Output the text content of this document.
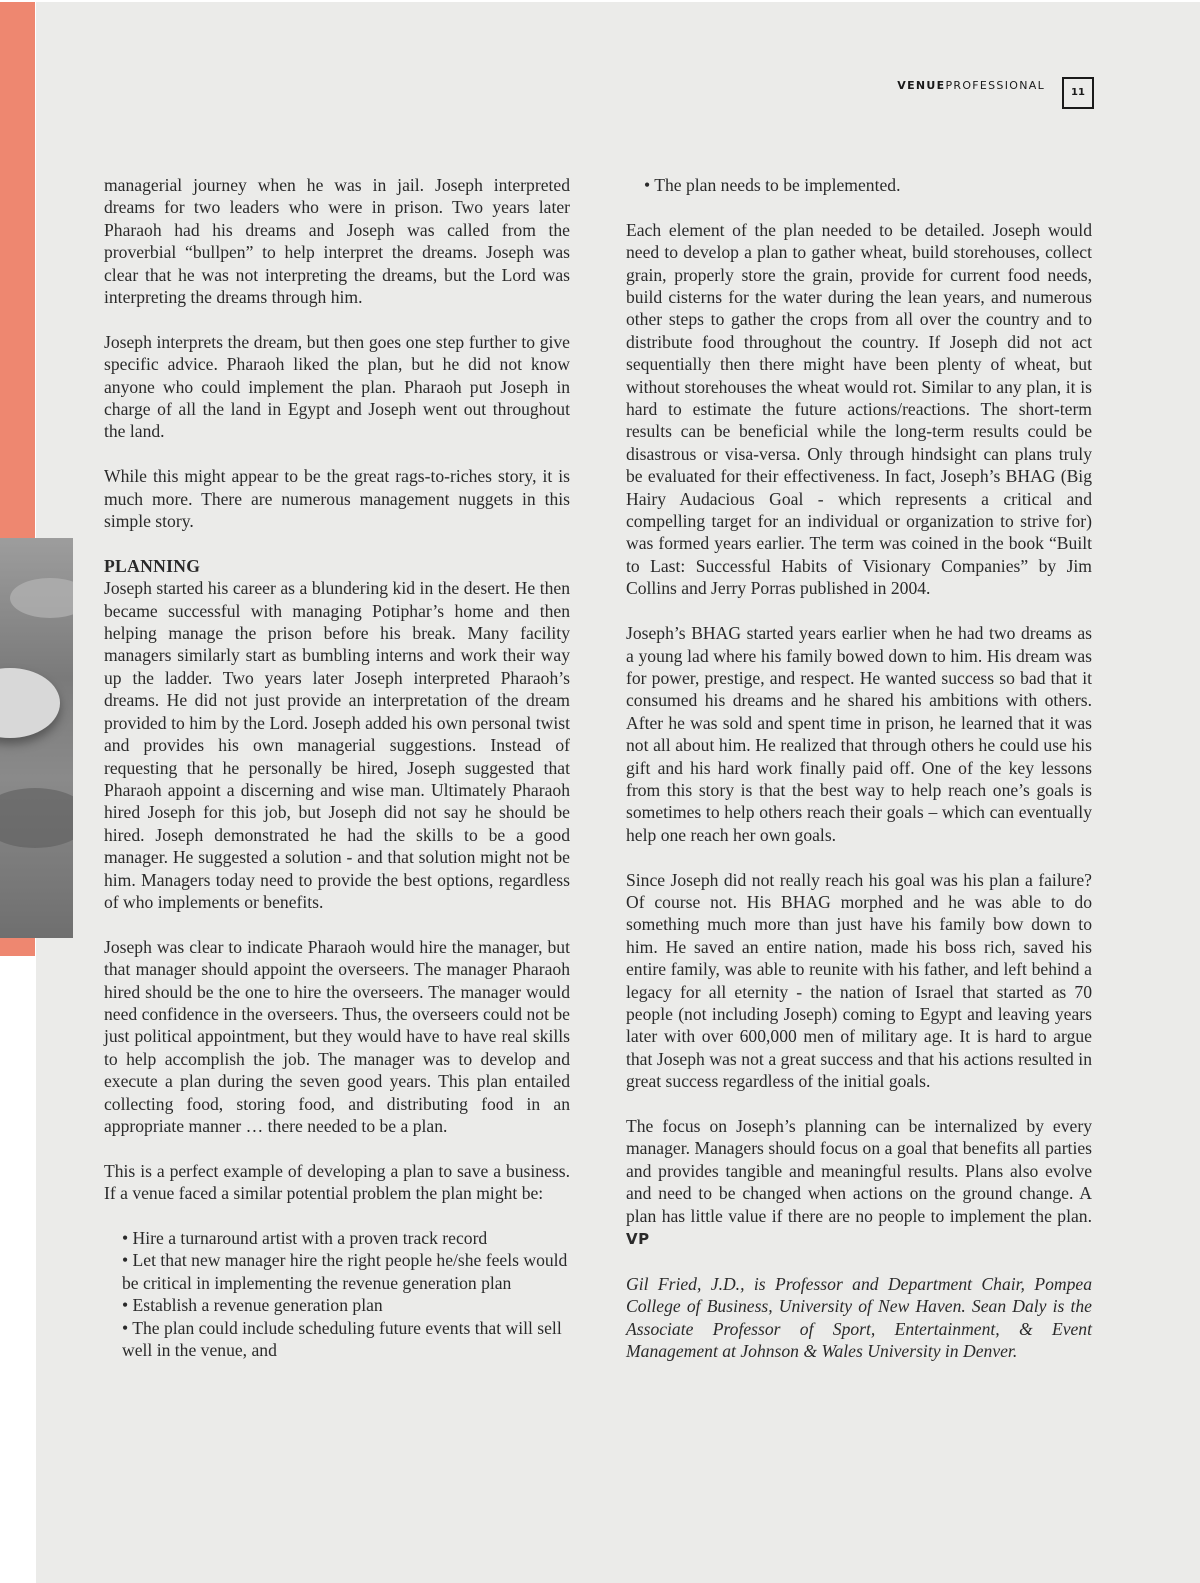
VENUEPROFESSIONAL
11

managerial journey when he was in jail. Joseph interpreted dreams for two leaders who were in prison. Two years later Pharaoh had his dreams and Joseph was called from the proverbial “bullpen” to help interpret the dreams. Joseph was clear that he was not interpreting the dreams, but the Lord was interpreting the dreams through him.

Joseph interprets the dream, but then goes one step further to give specific advice. Pharaoh liked the plan, but he did not know anyone who could implement the plan. Pharaoh put Joseph in charge of all the land in Egypt and Joseph went out throughout the land.

While this might appear to be the great rags-to-riches story, it is much more. There are numerous management nuggets in this simple story.

PLANNING

Joseph started his career as a blundering kid in the desert. He then became successful with managing Potiphar’s home and then helping manage the prison before his break. Many facility managers similarly start as bumbling interns and work their way up the ladder. Two years later Joseph interpreted Pharaoh’s dreams. He did not just provide an interpretation of the dream provided to him by the Lord. Joseph added his own personal twist and provides his own managerial suggestions. Instead of requesting that he personally be hired, Joseph suggested that Pharaoh appoint a discerning and wise man. Ultimately Pharaoh hired Joseph for this job, but Joseph did not say he should be hired. Joseph demonstrated he had the skills to be a good manager. He suggested a solution - and that solution might not be him. Managers today need to provide the best options, regardless of who implements or benefits.

Joseph was clear to indicate Pharaoh would hire the manager, but that manager should appoint the overseers. The manager Pharaoh hired should be the one to hire the overseers. The manager would need confidence in the overseers. Thus, the overseers could not be just political appointment, but they would have to have real skills to help accomplish the job. The manager was to develop and execute a plan during the seven good years. This plan entailed collecting food, storing food, and distributing food in an appropriate manner … there needed to be a plan.

This is a perfect example of developing a plan to save a business. If a venue faced a similar potential problem the plan might be:

• Hire a turnaround artist with a proven track record
• Let that new manager hire the right people he/she feels would be critical in implementing the revenue generation plan
• Establish a revenue generation plan
• The plan could include scheduling future events that will sell well in the venue, and
• The plan needs to be implemented.

Each element of the plan needed to be detailed. Joseph would need to develop a plan to gather wheat, build storehouses, collect grain, properly store the grain, provide for current food needs, build cisterns for the water during the lean years, and numerous other steps to gather the crops from all over the country and to distribute food throughout the country. If Joseph did not act sequentially then there might have been plenty of wheat, but without storehouses the wheat would rot. Similar to any plan, it is hard to estimate the future actions/reactions. The short-term results can be beneficial while the long-term results could be disastrous or visa-versa. Only through hindsight can plans truly be evaluated for their effectiveness. In fact, Joseph’s BHAG (Big Hairy Audacious Goal - which represents a critical and compelling target for an individual or organization to strive for) was formed years earlier. The term was coined in the book “Built to Last: Successful Habits of Visionary Companies” by Jim Collins and Jerry Porras published in 2004.

Joseph’s BHAG started years earlier when he had two dreams as a young lad where his family bowed down to him. His dream was for power, prestige, and respect. He wanted success so bad that it consumed his dreams and he shared his ambitions with others. After he was sold and spent time in prison, he learned that it was not all about him. He realized that through others he could use his gift and his hard work finally paid off. One of the key lessons from this story is that the best way to help reach one’s goals is sometimes to help others reach their goals – which can eventually help one reach her own goals.

Since Joseph did not really reach his goal was his plan a failure? Of course not. His BHAG morphed and he was able to do something much more than just have his family bow down to him. He saved an entire nation, made his boss rich, saved his entire family, was able to reunite with his father, and left behind a legacy for all eternity - the nation of Israel that started as 70 people (not including Joseph) coming to Egypt and leaving years later with over 600,000 men of military age. It is hard to argue that Joseph was not a great success and that his actions resulted in great success regardless of the initial goals.

The focus on Joseph’s planning can be internalized by every manager. Managers should focus on a goal that benefits all parties and provides tangible and meaningful results. Plans also evolve and need to be changed when actions on the ground change. A plan has little value if there are no people to implement the plan. VP

Gil Fried, J.D., is Professor and Department Chair, Pompea College of Business, University of New Haven. Sean Daly is the Associate Professor of Sport, Entertainment, & Event Management at Johnson & Wales University in Denver.
